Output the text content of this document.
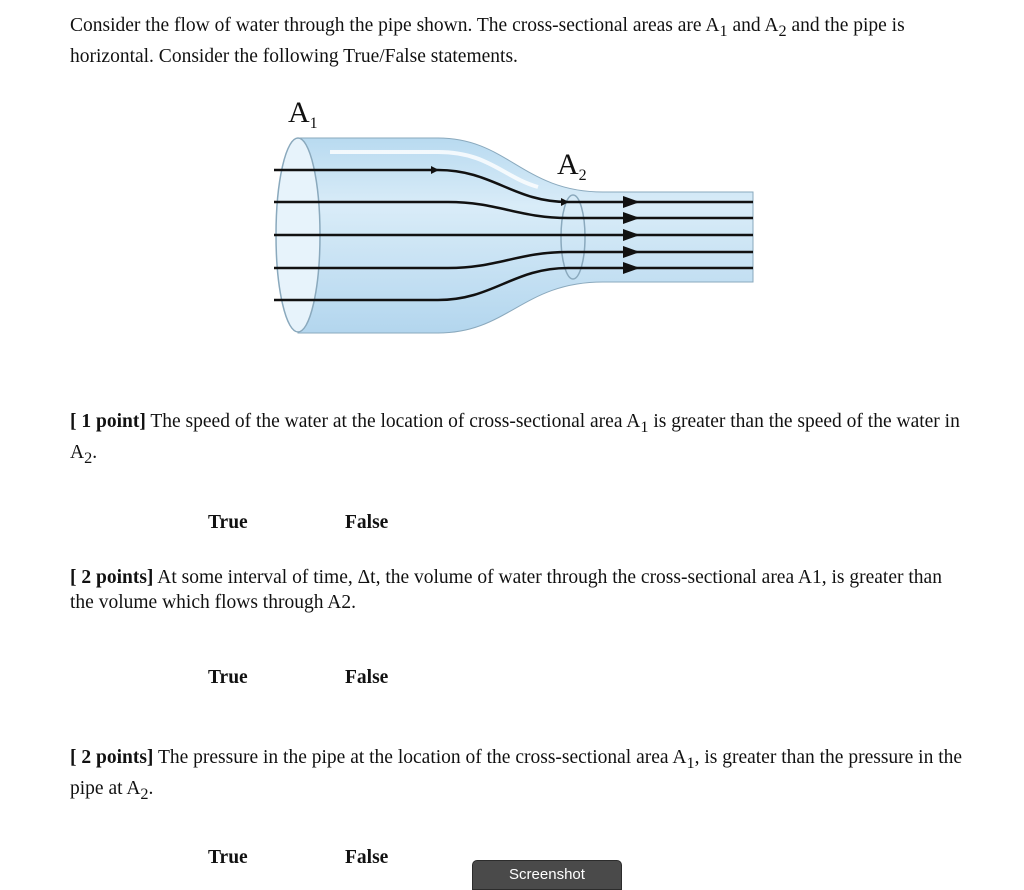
Consider the flow of water through the pipe shown. The cross-sectional areas are $A_1$ and $A_2$ and the pipe is horizontal. Consider the following True/False statements.

$A_1$
$A_2$

[ 1 point] The speed of the water at the location of cross-sectional area $A_1$ is greater than the speed of the water in $A_2$.

True	False

[ 2 points] At some interval of time, Δt, the volume of water through the cross-sectional area A1, is greater than the volume which flows through A2.

True	False

[ 2 points] The pressure in the pipe at the location of the cross-sectional area $A_1$, is greater than the pressure in the pipe at $A_2$.

True	False
Screenshot
